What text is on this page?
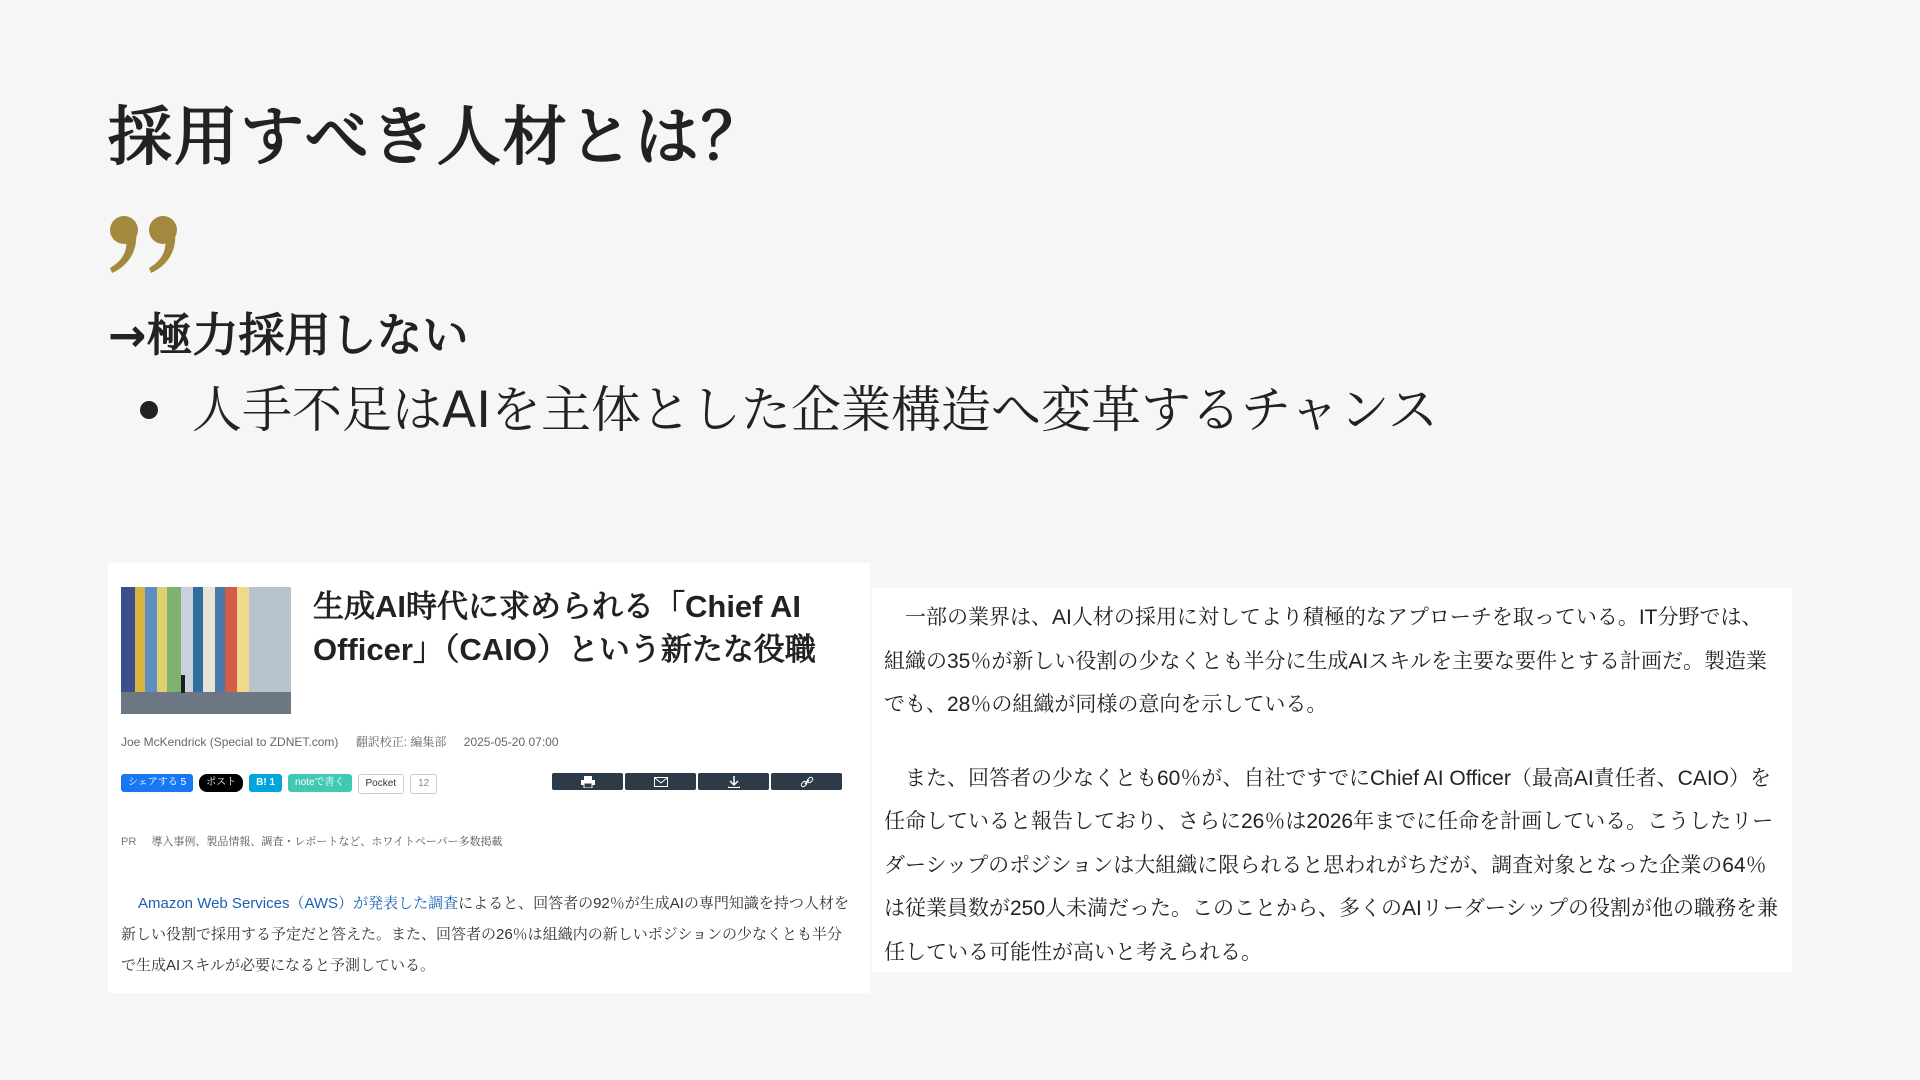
採用すべき人材とは？
→極力採用しない
人手不足はAIを主体とした企業構造へ変革するチャンス
生成AI時代に求められる「Chief AI Officer」（CAIO）という新たな役職
Joe McKendrick (Special to ZDNET.com) 翻訳校正: 編集部 2025-05-20 07:00
シェアする 5	ポスト	B! 1	noteで書く	Pocket	12
PR 導入事例、製品情報、調査・レポートなど、ホワイトペーパー多数掲載
Amazon Web Services（AWS）が発表した調査によると、回答者の92％が生成AIの専門知識を持つ人材を新しい役割で採用する予定だと答えた。また、回答者の26％は組織内の新しいポジションの少なくとも半分で生成AIスキルが必要になると予測している。

一部の業界は、AI人材の採用に対してより積極的なアプローチを取っている。IT分野では、組織の35％が新しい役割の少なくとも半分に生成AIスキルを主要な要件とする計画だ。製造業でも、28％の組織が同様の意向を示している。

また、回答者の少なくとも60％が、自社ですでにChief AI Officer（最高AI責任者、CAIO）を任命していると報告しており、さらに26％は2026年までに任命を計画している。こうしたリーダーシップのポジションは大組織に限られると思われがちだが、調査対象となった企業の64％は従業員数が250人未満だった。このことから、多くのAIリーダーシップの役割が他の職務を兼任している可能性が高いと考えられる。
